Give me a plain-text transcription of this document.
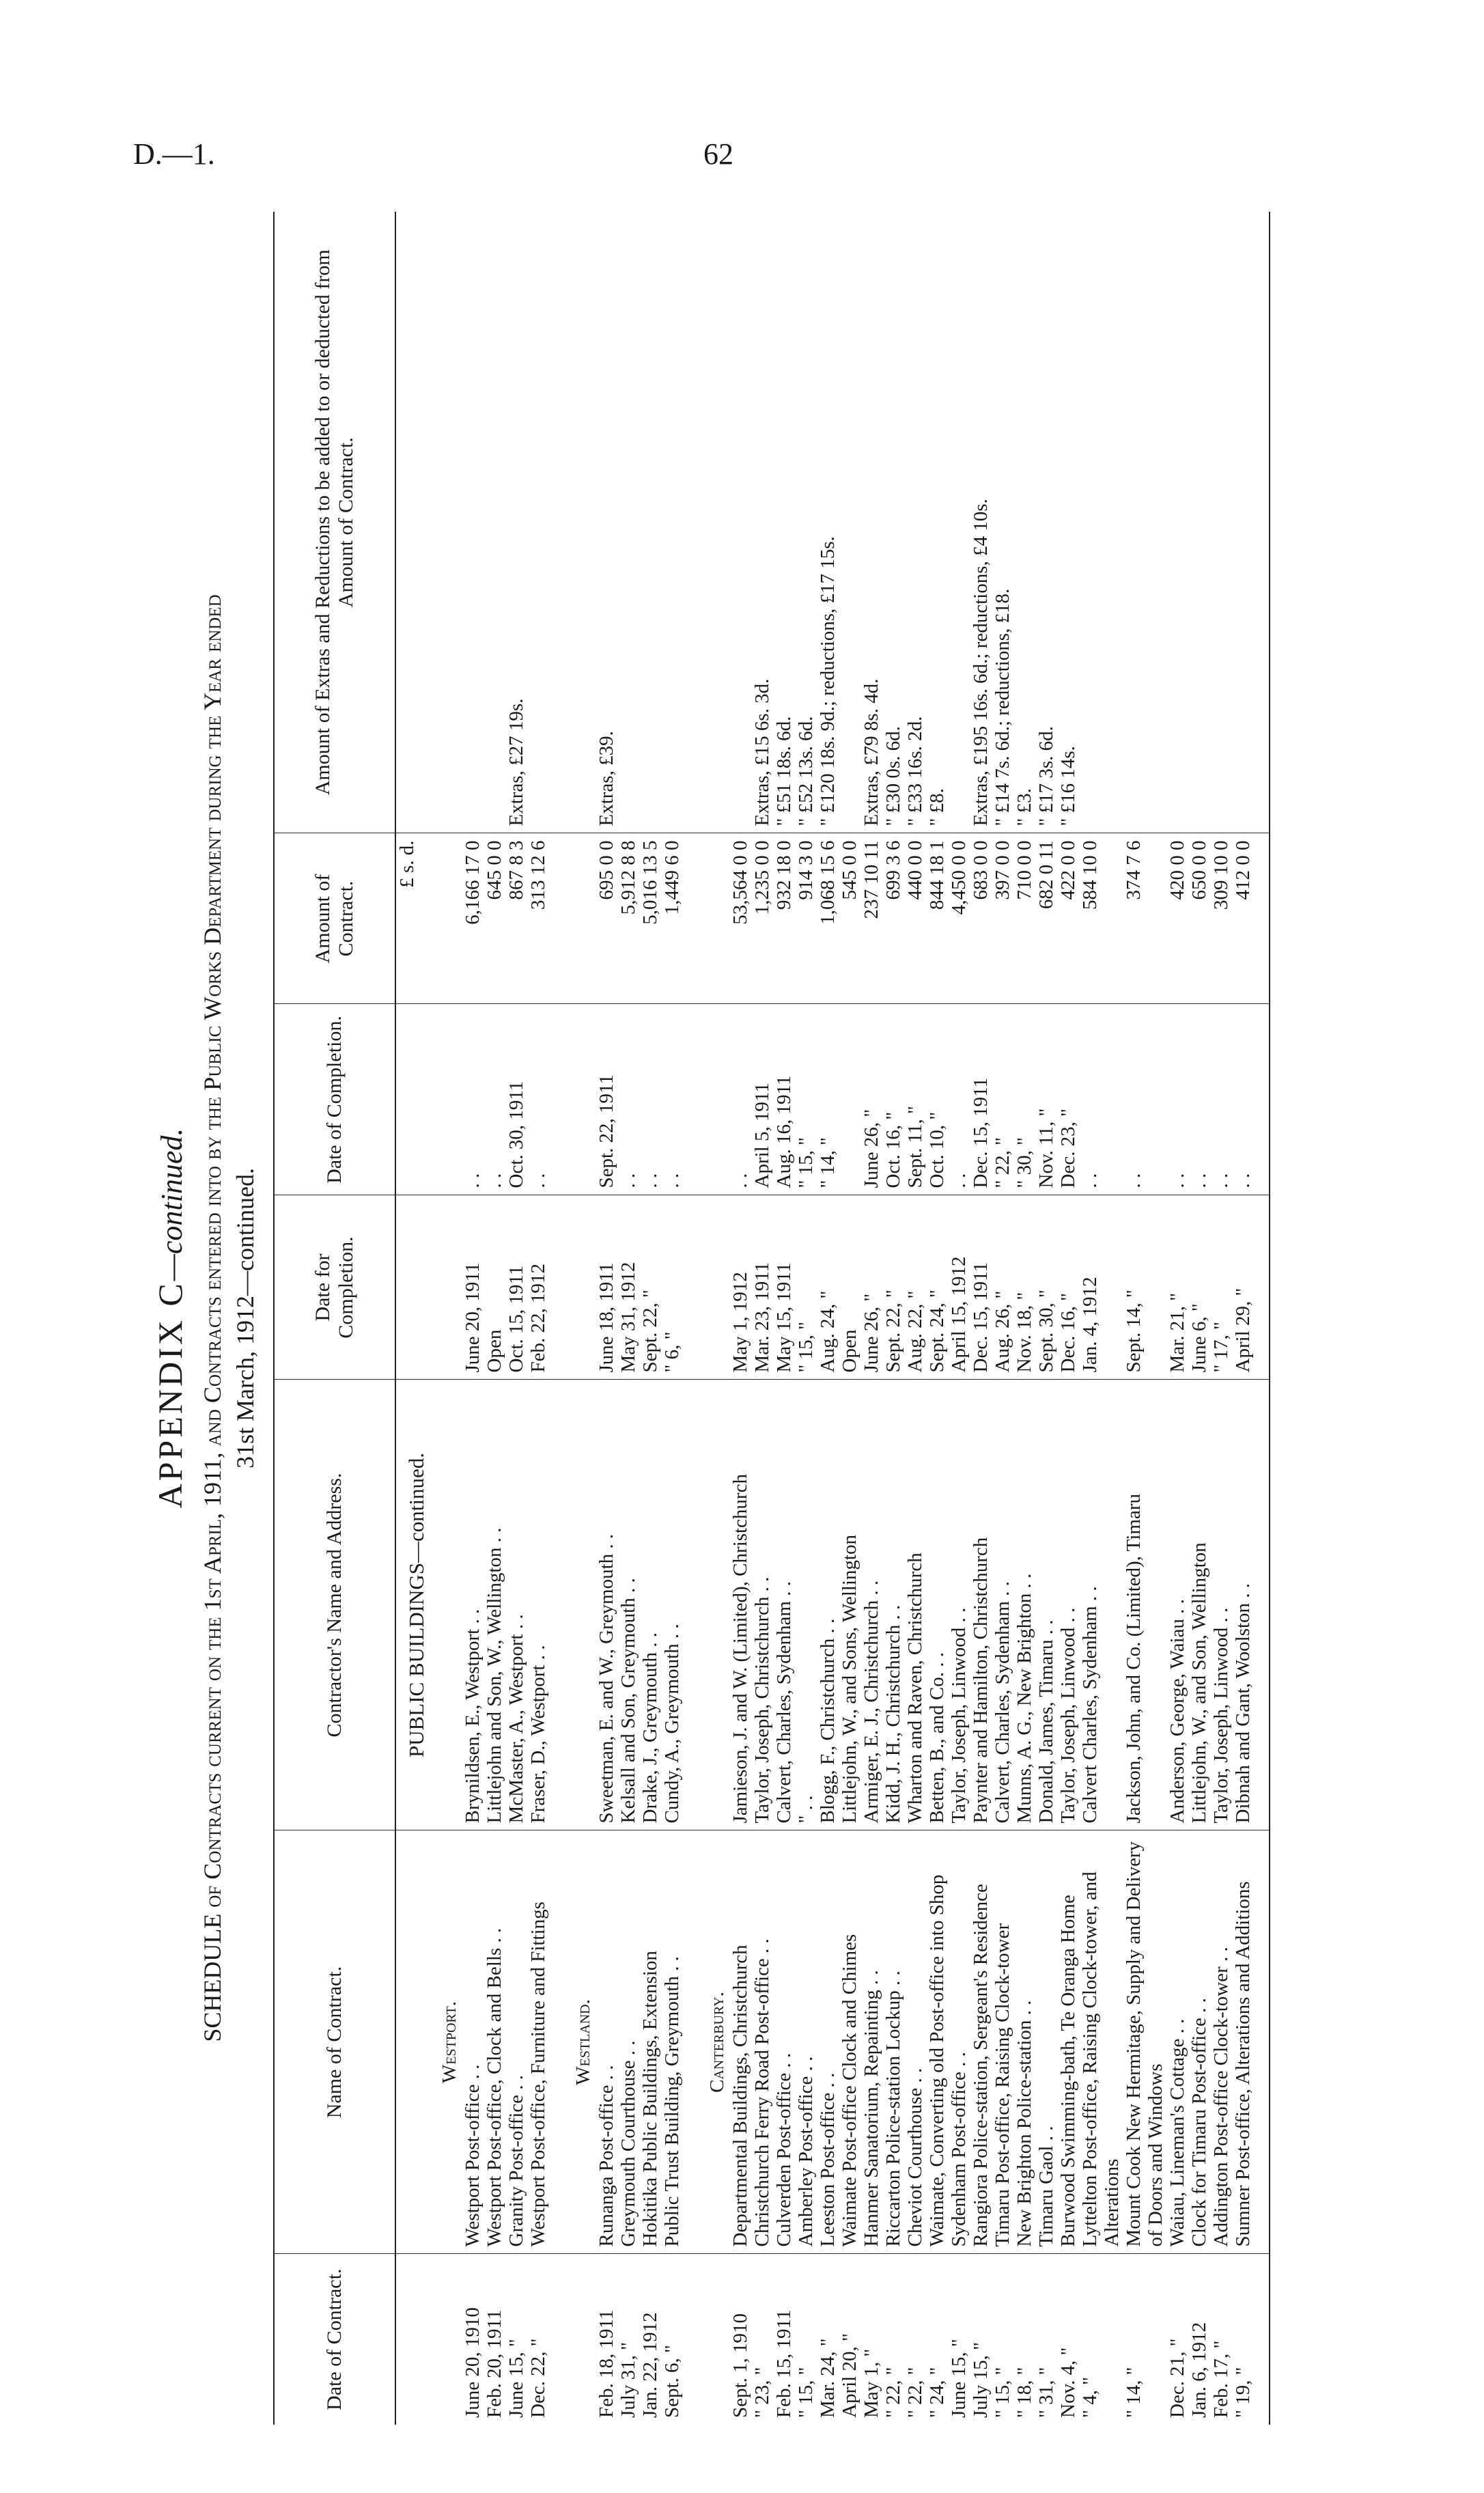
D.—1.	62
APPENDIX C—continued. SCHEDULE of Contracts current on the 1st April, 1911, and Contracts entered into by the Public Works Department during the Year ended 31st March, 1912—continued.
Date of Contract.	Name of Contract.	Contractor's Name and Address.	Date for Completion.	Date of Completion.	Amount of Contract.	Amount of Extras and Reductions to be added to or deducted from Amount of Contract.
		PUBLIC BUILDINGS—continued.			£ s. d.	
	Westport.					
June 20, 1910	Westport Post-office . .	Brynildsen, E., Westport . .	June 20, 1911	. .	6,166 17 0	
Feb. 20, 1911	Westport Post-office, Clock and Bells . .	Littlejohn and Son, W., Wellington . .	Open	. .	645 0 0	
June 15, "	Granity Post-office . .	McMaster, A., Westport . .	Oct. 15, 1911	Oct. 30, 1911	867 8 3	Extras, £27 19s.
Dec. 22, "	Westport Post-office, Furniture and Fittings	Fraser, D., Westport . .	Feb. 22, 1912	. .	313 12 6	

	Westland.					
Feb. 18, 1911	Runanga Post-office . .	Sweetman, E. and W., Greymouth . .	June 18, 1911	Sept. 22, 1911	695 0 0	Extras, £39.
July 31, "	Greymouth Courthouse . .	Kelsall and Son, Greymouth . .	May 31, 1912	. .	5,912 8 8	
Jan. 22, 1912	Hokitika Public Buildings, Extension	Drake, J., Greymouth . .	Sept. 22, "	. .	5,016 13 5	
Sept. 6, "	Public Trust Building, Greymouth . .	Cundy, A., Greymouth . .	" 6, "	. .	1,449 6 0	

	Canterbury.					
Sept. 1, 1910	Departmental Buildings, Christchurch	Jamieson, J. and W. (Limited), Christchurch	May 1, 1912	. .	53,564 0 0	
" 23, "	Christchurch Ferry Road Post-office . .	Taylor, Joseph, Christchurch . .	Mar. 23, 1911	April 5, 1911	1,235 0 0	Extras, £15 6s. 3d.
Feb. 15, 1911	Culverden Post-office . .	Calvert, Charles, Sydenham . .	May 15, 1911	Aug. 16, 1911	932 18 0	" £51 18s. 6d.
" 15, "	Amberley Post-office . .	" . .	" 15, "	" 15, "	914 3 0	" £52 13s. 6d.
Mar. 24, "	Leeston Post-office . .	Blogg, F., Christchurch . .	Aug. 24, "	" 14, "	1,068 15 6	" £120 18s. 9d.; reductions, £17 15s.
April 20, "	Waimate Post-office Clock and Chimes	Littlejohn, W., and Sons, Wellington	Open		545 0 0	
May 1, "	Hanmer Sanatorium, Repainting . .	Armiger, E. J., Christchurch . .	June 26, "	June 26, "	237 10 11	Extras, £79 8s. 4d.
" 22, "	Riccarton Police-station Lockup . .	Kidd, J. H., Christchurch . .	Sept. 22, "	Oct. 16, "	699 3 6	" £30 0s. 6d.
" 22, "	Cheviot Courthouse . .	Wharton and Raven, Christchurch	Aug. 22, "	Sept. 11, "	440 0 0	" £33 16s. 2d.
" 24, "	Waimate, Converting old Post-office into Shop	Betten, B., and Co. . .	Sept. 24, "	Oct. 10, "	844 18 1	" £8.
June 15, "	Sydenham Post-office . .	Taylor, Joseph, Linwood . .	April 15, 1912	. .	4,450 0 0	
July 15, "	Rangiora Police-station, Sergeant's Residence	Paynter and Hamilton, Christchurch	Dec. 15, 1911	Dec. 15, 1911	683 0 0	Extras, £195 16s. 6d.; reductions, £4 10s.
" 15, "	Timaru Post-office, Raising Clock-tower	Calvert, Charles, Sydenham . .	Aug. 26, "	" 22, "	397 0 0	" £14 7s. 6d.; reductions, £18.
" 18, "	New Brighton Police-station . .	Munns, A. G., New Brighton . .	Nov. 18, "	" 30, "	710 0 0	" £3.
" 31, "	Timaru Gaol . .	Donald, James, Timaru . .	Sept. 30, "	Nov. 11, "	682 0 11	" £17 3s. 6d.
Nov. 4, "	Burwood Swimming-bath, Te Oranga Home	Taylor, Joseph, Linwood . .	Dec. 16, "	Dec. 23, "	422 0 0	" £16 14s.
" 4, "	Lyttelton Post-office, Raising Clock-tower, and Alterations	Calvert Charles, Sydenham . .	Jan. 4, 1912	. .	584 10 0	
" 14, "	Mount Cook New Hermitage, Supply and Delivery of Doors and Windows	Jackson, John, and Co. (Limited), Timaru	Sept. 14, "	. .	374 7 6	
Dec. 21, "	Waiau, Lineman's Cottage . .	Anderson, George, Waiau . .	Mar. 21, "	. .	420 0 0	
Jan. 6, 1912	Clock for Timaru Post-office . .	Littlejohn, W., and Son, Wellington	June 6, "	. .	650 0 0	
Feb. 17, "	Addington Post-office Clock-tower . .	Taylor, Joseph, Linwood . .	" 17, "	. .	309 10 0	
" 19, "	Sumner Post-office, Alterations and Additions	Dibnah and Gant, Woolston . .	April 29, "	. .	412 0 0	
